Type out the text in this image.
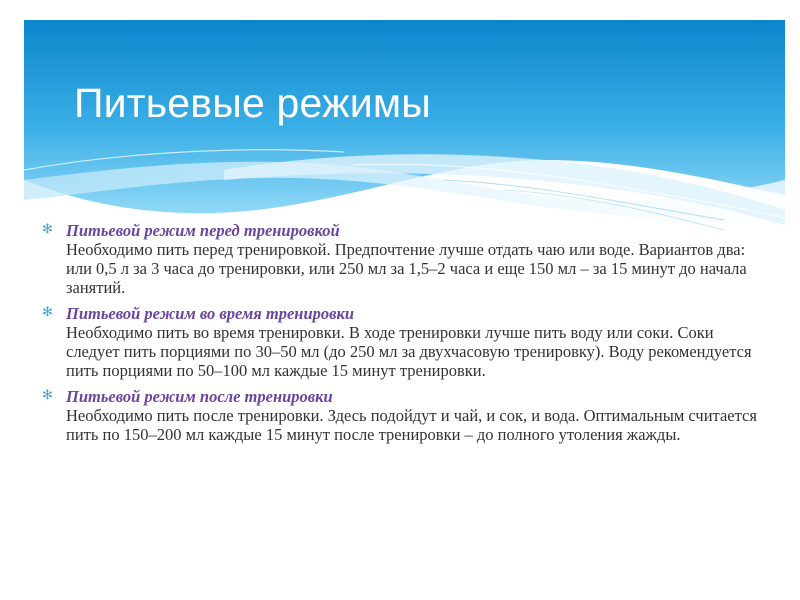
Питьевые режимы
✻ Питьевой режим перед тренировкой
Необходимо пить перед тренировкой. Предпочтение лучше отдать чаю или воде. Вариантов два: или 0,5 л за 3 часа до тренировки, или 250 мл за 1,5–2 часа и еще 150 мл – за 15 минут до начала занятий.
✻ Питьевой режим во время тренировки
Необходимо пить во время тренировки. В ходе тренировки лучше пить воду или соки. Соки следует пить порциями по 30–50 мл (до 250 мл за двухчасовую тренировку). Воду рекомендуется пить порциями по 50–100 мл каждые 15 минут тренировки.
✻ Питьевой режим после тренировки
Необходимо пить после тренировки. Здесь подойдут и чай, и сок, и вода. Оптимальным считается пить по 150–200 мл каждые 15 минут после тренировки – до полного утоления жажды.
